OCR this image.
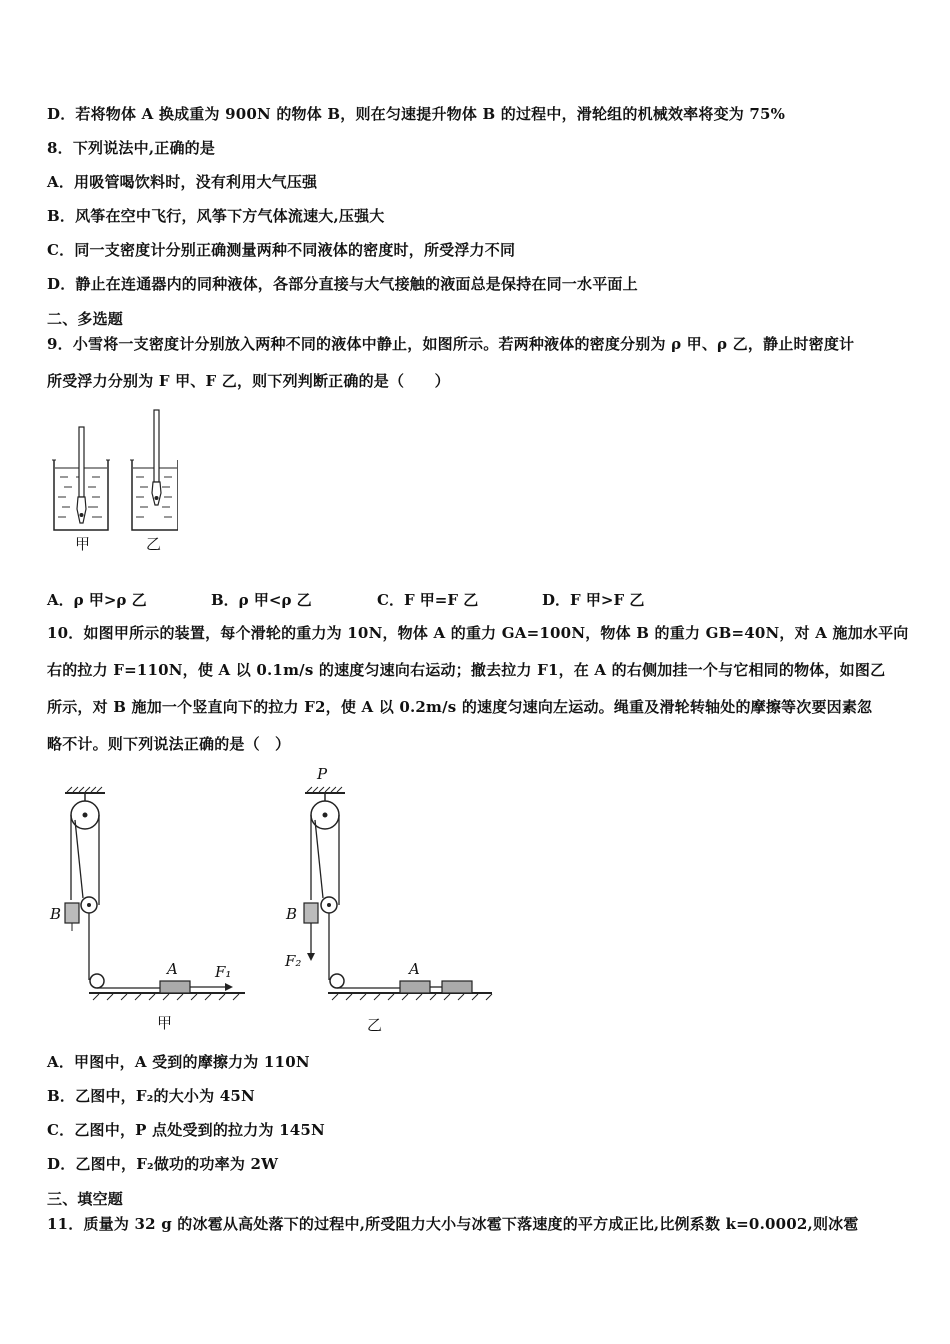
D．若将物体 A 换成重为 900N 的物体 B，则在匀速提升物体 B 的过程中，滑轮组的机械效率将变为 75%
8．下列说法中,正确的是
A．用吸管喝饮料时，没有利用大气压强
B．风筝在空中飞行，风筝下方气体流速大,压强大
C．同一支密度计分别正确测量两种不同液体的密度时，所受浮力不同
D．静止在连通器内的同种液体，各部分直接与大气接触的液面总是保持在同一水平面上
二、多选题
9．小雪将一支密度计分别放入两种不同的液体中静止，如图所示。若两种液体的密度分别为 ρ 甲、ρ 乙，静止时密度计
所受浮力分别为 F 甲、F 乙，则下列判断正确的是（　　）
甲	乙
A．ρ 甲>ρ 乙	B．ρ 甲<ρ 乙	C．F 甲=F 乙	D．F 甲>F 乙
10．如图甲所示的装置，每个滑轮的重力为 10N，物体 A 的重力 GA=100N，物体 B 的重力 GB=40N，对 A 施加水平向
右的拉力 F=110N，使 A 以 0.1m/s 的速度匀速向右运动；撤去拉力 F1，在 A 的右侧加挂一个与它相同的物体，如图乙
所示，对 B 施加一个竖直向下的拉力 F2，使 A 以 0.2m/s 的速度匀速向左运动。绳重及滑轮转轴处的摩擦等次要因素忽
略不计。则下列说法正确的是（　）
B
A F₁
甲
P
B
F₂	A
乙
A．甲图中，A 受到的摩擦力为 110N
B．乙图中，F₂的大小为 45N
C．乙图中，P 点处受到的拉力为 145N
D．乙图中，F₂做功的功率为 2W
三、填空题
11．质量为 32 g 的冰雹从高处落下的过程中,所受阻力大小与冰雹下落速度的平方成正比,比例系数 k=0.0002,则冰雹
